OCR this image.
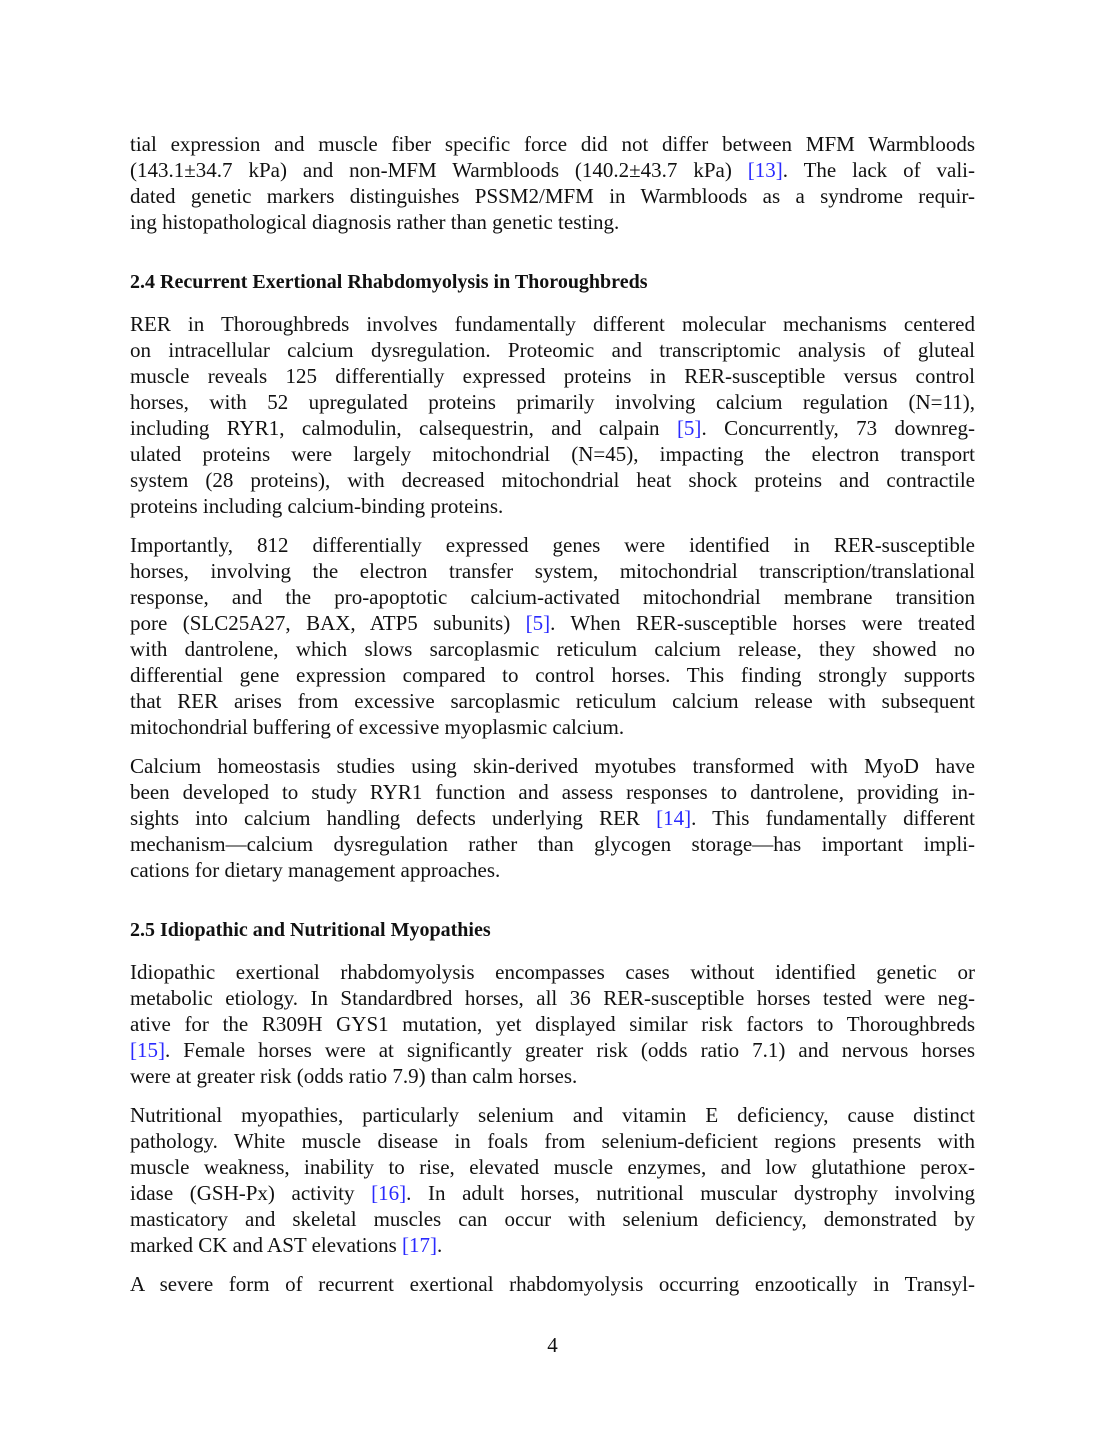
tial expression and muscle fiber specific force did not differ between MFM Warmbloods
(143.1±34.7 kPa) and non-MFM Warmbloods (140.2±43.7 kPa) [13]. The lack of vali-
dated genetic markers distinguishes PSSM2/MFM in Warmbloods as a syndrome requir-
ing histopathological diagnosis rather than genetic testing.

2.4 Recurrent Exertional Rhabdomyolysis in Thoroughbreds

RER in Thoroughbreds involves fundamentally different molecular mechanisms centered
on intracellular calcium dysregulation. Proteomic and transcriptomic analysis of gluteal
muscle reveals 125 differentially expressed proteins in RER-susceptible versus control
horses, with 52 upregulated proteins primarily involving calcium regulation (N=11),
including RYR1, calmodulin, calsequestrin, and calpain [5]. Concurrently, 73 downreg-
ulated proteins were largely mitochondrial (N=45), impacting the electron transport
system (28 proteins), with decreased mitochondrial heat shock proteins and contractile
proteins including calcium-binding proteins.

Importantly, 812 differentially expressed genes were identified in RER-susceptible
horses, involving the electron transfer system, mitochondrial transcription/translational
response, and the pro-apoptotic calcium-activated mitochondrial membrane transition
pore (SLC25A27, BAX, ATP5 subunits) [5]. When RER-susceptible horses were treated
with dantrolene, which slows sarcoplasmic reticulum calcium release, they showed no
differential gene expression compared to control horses. This finding strongly supports
that RER arises from excessive sarcoplasmic reticulum calcium release with subsequent
mitochondrial buffering of excessive myoplasmic calcium.

Calcium homeostasis studies using skin-derived myotubes transformed with MyoD have
been developed to study RYR1 function and assess responses to dantrolene, providing in-
sights into calcium handling defects underlying RER [14]. This fundamentally different
mechanism—calcium dysregulation rather than glycogen storage—has important impli-
cations for dietary management approaches.

2.5 Idiopathic and Nutritional Myopathies

Idiopathic exertional rhabdomyolysis encompasses cases without identified genetic or
metabolic etiology. In Standardbred horses, all 36 RER-susceptible horses tested were neg-
ative for the R309H GYS1 mutation, yet displayed similar risk factors to Thoroughbreds
[15]. Female horses were at significantly greater risk (odds ratio 7.1) and nervous horses
were at greater risk (odds ratio 7.9) than calm horses.

Nutritional myopathies, particularly selenium and vitamin E deficiency, cause distinct
pathology. White muscle disease in foals from selenium-deficient regions presents with
muscle weakness, inability to rise, elevated muscle enzymes, and low glutathione perox-
idase (GSH-Px) activity [16]. In adult horses, nutritional muscular dystrophy involving
masticatory and skeletal muscles can occur with selenium deficiency, demonstrated by
marked CK and AST elevations [17].

A severe form of recurrent exertional rhabdomyolysis occurring enzootically in Transyl-

4
